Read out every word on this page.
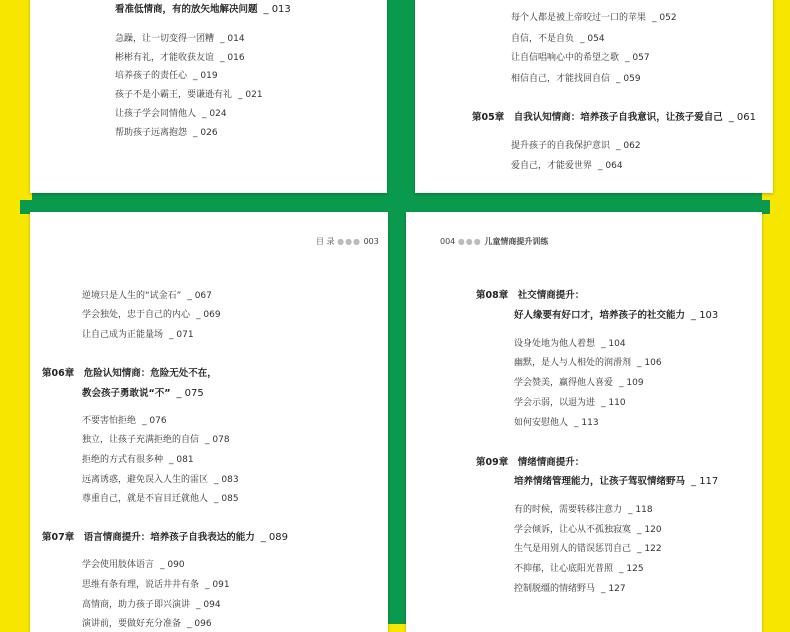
看准低情商，有的放矢地解决问题 _ 013
急躁，让一切变得一团糟 _ 014
彬彬有礼，才能收获友谊 _ 016
培养孩子的责任心 _ 019
孩子不是小霸王，要谦逊有礼 _ 021
让孩子学会同情他人 _ 024
帮助孩子远离抱怨 _ 026
每个人都是被上帝咬过一口的苹果 _ 052
自信，不是自负 _ 054
让自信唱响心中的希望之歌 _ 057
相信自己，才能找回自信 _ 059
第05章　自我认知情商：培养孩子自我意识，让孩子爱自己 _ 061
提升孩子的自我保护意识 _ 062
爱自己，才能爱世界 _ 064
目 录 ●●● 003
逆境只是人生的“试金石” _ 067
学会独处，忠于自己的内心 _ 069
让自己成为正能量场 _ 071
第06章　危险认知情商：危险无处不在，
教会孩子勇敢说“不” _ 075
不要害怕拒绝 _ 076
独立，让孩子充满拒绝的自信 _ 078
拒绝的方式有很多种 _ 081
远离诱惑，避免误入人生的雷区 _ 083
尊重自己，就是不盲目迁就他人 _ 085
第07章　语言情商提升：培养孩子自我表达的能力 _ 089
学会使用肢体语言 _ 090
思维有条有理，说话井井有条 _ 091
高情商，助力孩子即兴演讲 _ 094
演讲前，要做好充分准备 _ 096
004 ●●● 儿童情商提升训练
第08章　社交情商提升：
好人缘要有好口才，培养孩子的社交能力 _ 103
设身处地为他人着想 _ 104
幽默，是人与人相处的润滑剂 _ 106
学会赞美，赢得他人喜爱 _ 109
学会示弱，以退为进 _ 110
如何安慰他人 _ 113
第09章　情绪情商提升：
培养情绪管理能力，让孩子驾驭情绪野马 _ 117
有的时候，需要转移注意力 _ 118
学会倾诉，让心从不孤独寂寞 _ 120
生气是用别人的错误惩罚自己 _ 122
不抑郁，让心底阳光普照 _ 125
控制脱缰的情绪野马 _ 127
